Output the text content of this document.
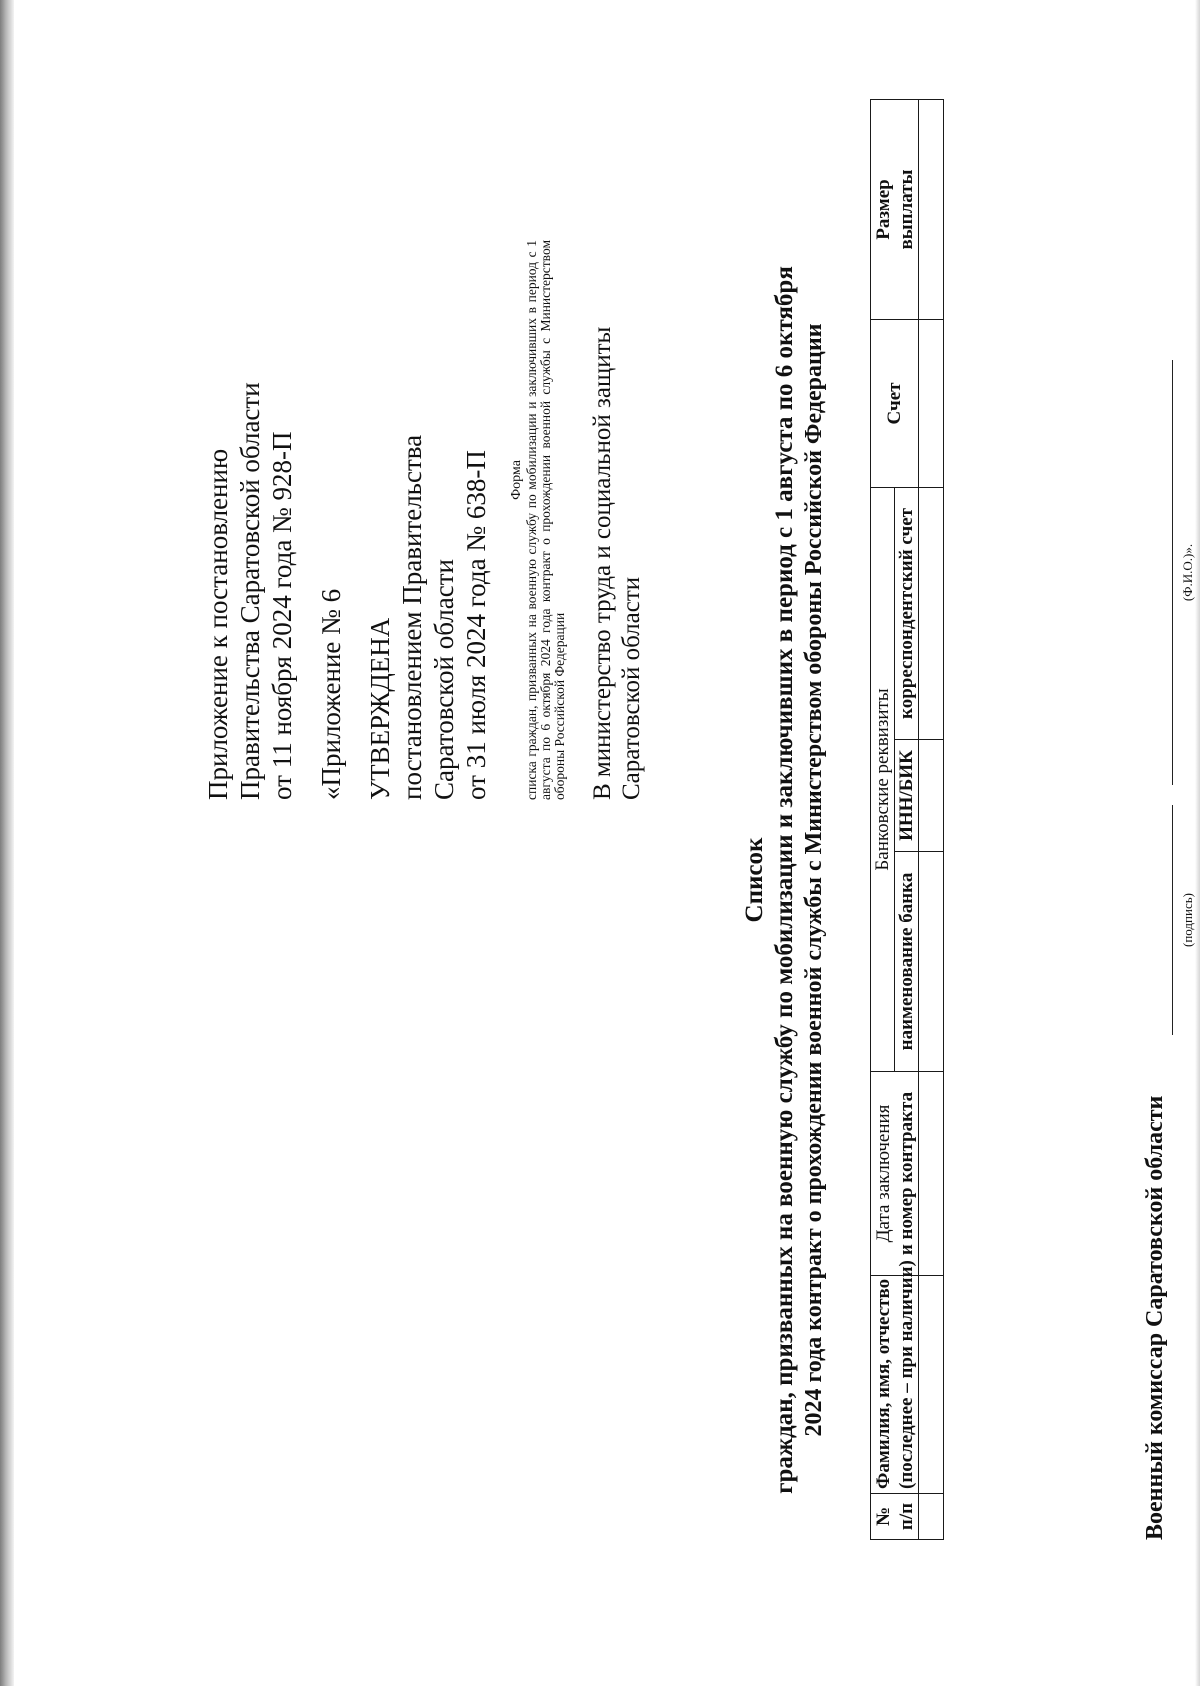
Приложение к постановлению Правительства Саратовской области от 11 ноября 2024 года № 928-П «Приложение № 6 УТВЕРЖДЕНА постановлением Правительства Саратовской области от 31 июля 2024 года № 638-П Форма списка граждан, призванных на военную службу по мобилизации и заключивших в период с 1 августа по 6 октября 2024 года контракт о прохождении военной службы с Министерством обороны Российской Федерации В министерство труда и социальной защиты Саратовской области
Список граждан, призванных на военную службу по мобилизации и заключивших в период с 1 августа по 6 октября 2024 года контракт о прохождении военной службы с Министерством обороны Российской Федерации
№ п/п	Фамилия, имя, отчество (последнее – при наличии)	Дата заключения и номер контракта	Банковские реквизиты			Счет	Размер выплаты
			наименование банка	ИНН/БИК	корреспондентский счет		

Военный комиссар Саратовской области
(подпись)
(Ф.И.О.)».
